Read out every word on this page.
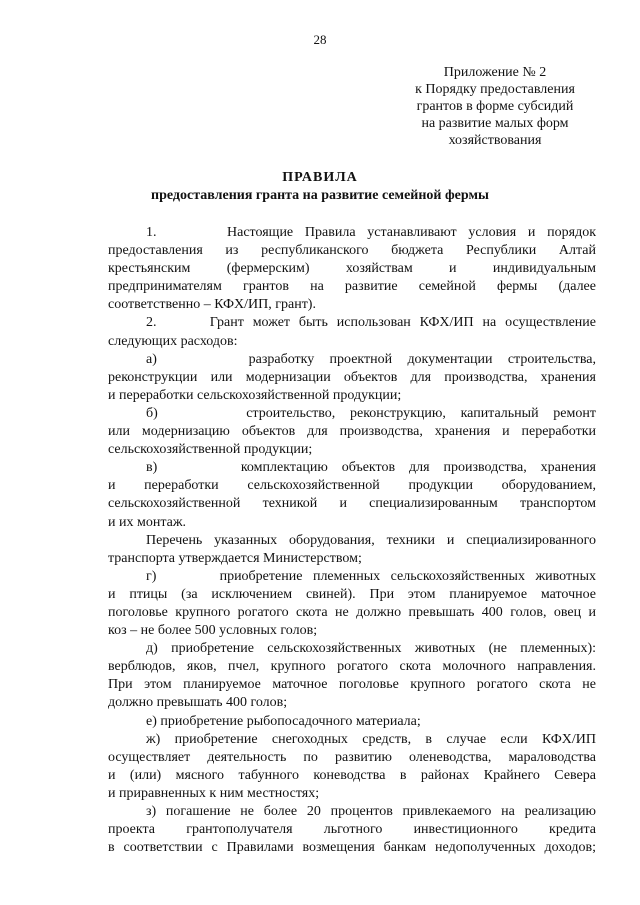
28
Приложение № 2
к Порядку предоставления
грантов в форме субсидий
на развитие малых форм
хозяйствования
ПРАВИЛА
предоставления гранта на развитие семейной фермы
1.      Настоящие Правила устанавливают условия и порядок
предоставления из республиканского бюджета Республики Алтай
крестьянским (фермерским) хозяйствам и индивидуальным
предпринимателям грантов на развитие семейной фермы (далее
соответственно – КФХ/ИП, грант).
2.      Грант может быть использован КФХ/ИП на осуществление
следующих расходов:
а)      разработку проектной документации строительства,
реконструкции или модернизации объектов для производства, хранения
и переработки сельскохозяйственной продукции;
б)      строительство, реконструкцию, капитальный ремонт
или модернизацию объектов для производства, хранения и переработки
сельскохозяйственной продукции;
в)      комплектацию объектов для производства, хранения
и переработки сельскохозяйственной продукции оборудованием,
сельскохозяйственной техникой и специализированным транспортом
и их монтаж.
Перечень указанных оборудования, техники и специализированного
транспорта утверждается Министерством;
г)      приобретение племенных сельскохозяйственных животных
и птицы (за исключением свиней). При этом планируемое маточное
поголовье крупного рогатого скота не должно превышать 400 голов, овец и
коз – не более 500 условных голов;
д) приобретение сельскохозяйственных животных (не племенных):
верблюдов, яков, пчел, крупного рогатого скота молочного направления.
При этом планируемое маточное поголовье крупного рогатого скота не
должно превышать 400 голов;
е) приобретение рыбопосадочного материала;
ж) приобретение снегоходных средств, в случае если КФХ/ИП
осуществляет деятельность по развитию оленеводства, мараловодства
и (или) мясного табунного коневодства в районах Крайнего Севера
и приравненных к ним местностях;
з) погашение не более 20 процентов привлекаемого на реализацию
проекта грантополучателя льготного инвестиционного кредита
в соответствии с Правилами возмещения банкам недополученных доходов;
